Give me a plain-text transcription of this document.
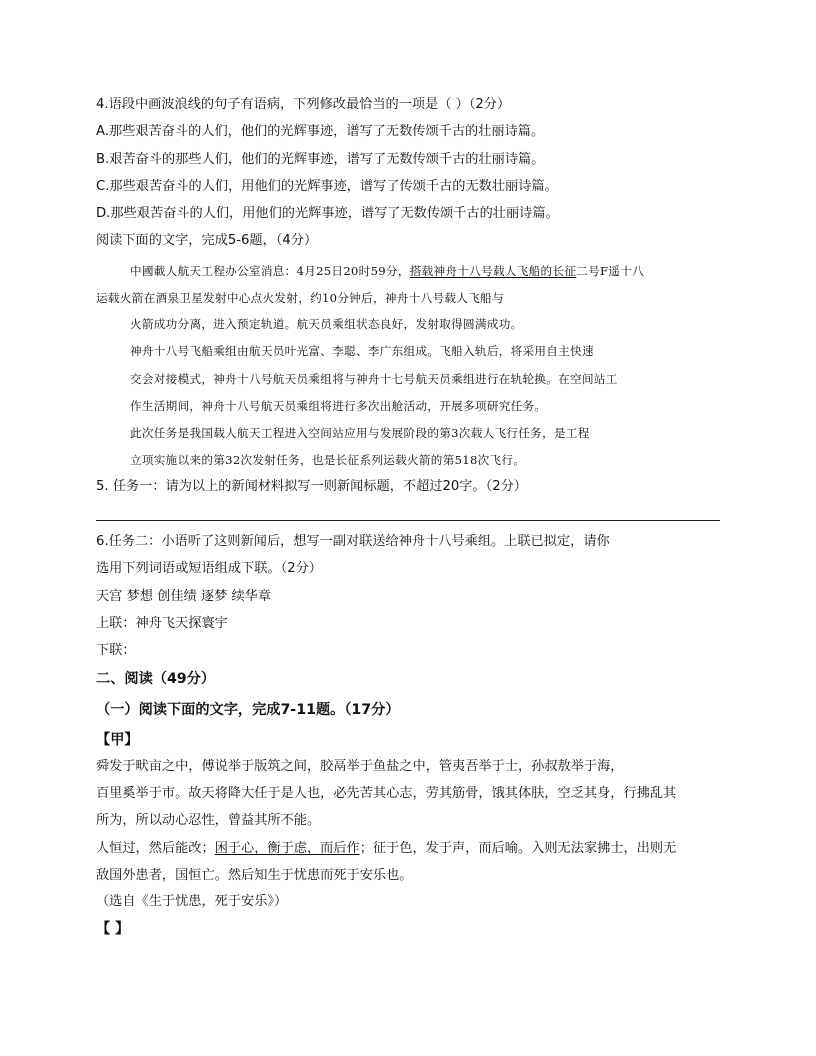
4.语段中画波浪线的句子有语病，下列修改最恰当的一项是（ ）（2分）
A.那些艰苦奋斗的人们，他们的光辉事迹，谱写了无数传颂千古的壮丽诗篇。
B.艰苦奋斗的那些人们，他们的光辉事迹，谱写了无数传颂千古的壮丽诗篇。
C.那些艰苦奋斗的人们，用他们的光辉事迹，谱写了传颂千古的无数壮丽诗篇。
D.那些艰苦奋斗的人们，用他们的光辉事迹，谱写了无数传颂千古的壮丽诗篇。
阅读下面的文字，完成5-6题，（4分）
中國載人航天工程办公室消息：4月25日20时59分，搭载神舟十八号载人飞船的长征二号F遥十八
运载火箭在酒泉卫星发射中心点火发射，约10分钟后，神舟十八号载人飞船与
火箭成功分离，进入预定轨道。航天员乘组状态良好，发射取得圆满成功。
神舟十八号飞船乘组由航天员叶光富、李聪、李广东组成。飞船入轨后，将采用自主快速
交会对接模式，神舟十八号航天员乘组将与神舟十七号航天员乘组进行在轨轮换。在空间站工
作生活期间，神舟十八号航天员乘组将进行多次出舱活动，开展多项研究任务。
此次任务是我国载人航天工程进入空间站应用与发展阶段的第3次载人飞行任务，是工程
立项实施以来的第32次发射任务，也是长征系列运载火箭的第518次飞行。
5. 任务一：请为以上的新闻材料拟写一则新闻标题，不超过20字。（2分）
6.任务二：小语听了这则新闻后，想写一副对联送给神舟十八号乘组。上联已拟定，请你
选用下列词语或短语组成下联。（2分）
天宫 梦想 创佳绩 逐梦 续华章
上联：神舟飞天探寰宇
下联：
二、阅读（49分）
（一）阅读下面的文字，完成7-11题。（17分）
【甲】
舜发于畎亩之中，傅说举于版筑之间，胶鬲举于鱼盐之中，管夷吾举于士，孙叔敖举于海，
百里奚举于市。故天将降大任于是人也，必先苦其心志，劳其筋骨，饿其体肤，空乏其身，行拂乱其
所为，所以动心忍性，曾益其所不能。
人恒过，然后能改；困于心，衡于虑，而后作；征于色，发于声，而后喻。入则无法家拂士，出则无
敌国外患者，国恒亡。然后知生于忧患而死于安乐也。
（选自《生于忧患，死于安乐》）
【 】
